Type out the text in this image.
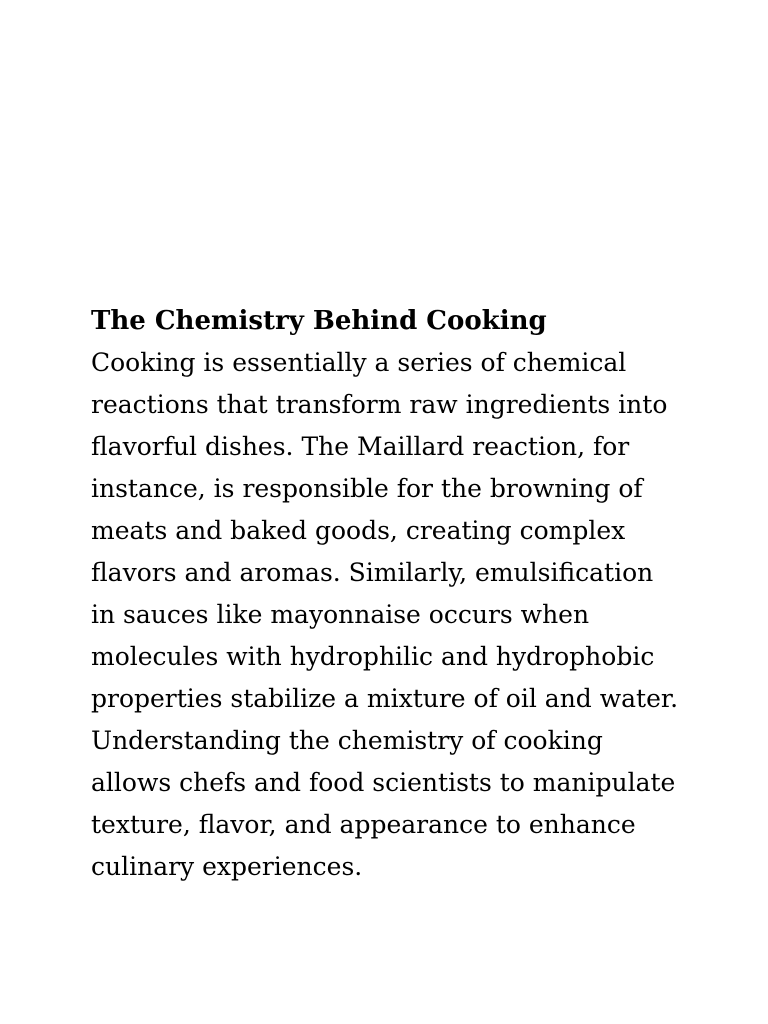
The Chemistry Behind Cooking

Cooking is essentially a series of chemical reactions that transform raw ingredients into flavorful dishes. The Maillard reaction, for instance, is responsible for the browning of meats and baked goods, creating complex flavors and aromas. Similarly, emulsification in sauces like mayonnaise occurs when molecules with hydrophilic and hydrophobic properties stabilize a mixture of oil and water. Understanding the chemistry of cooking allows chefs and food scientists to manipulate texture, flavor, and appearance to enhance culinary experiences.
